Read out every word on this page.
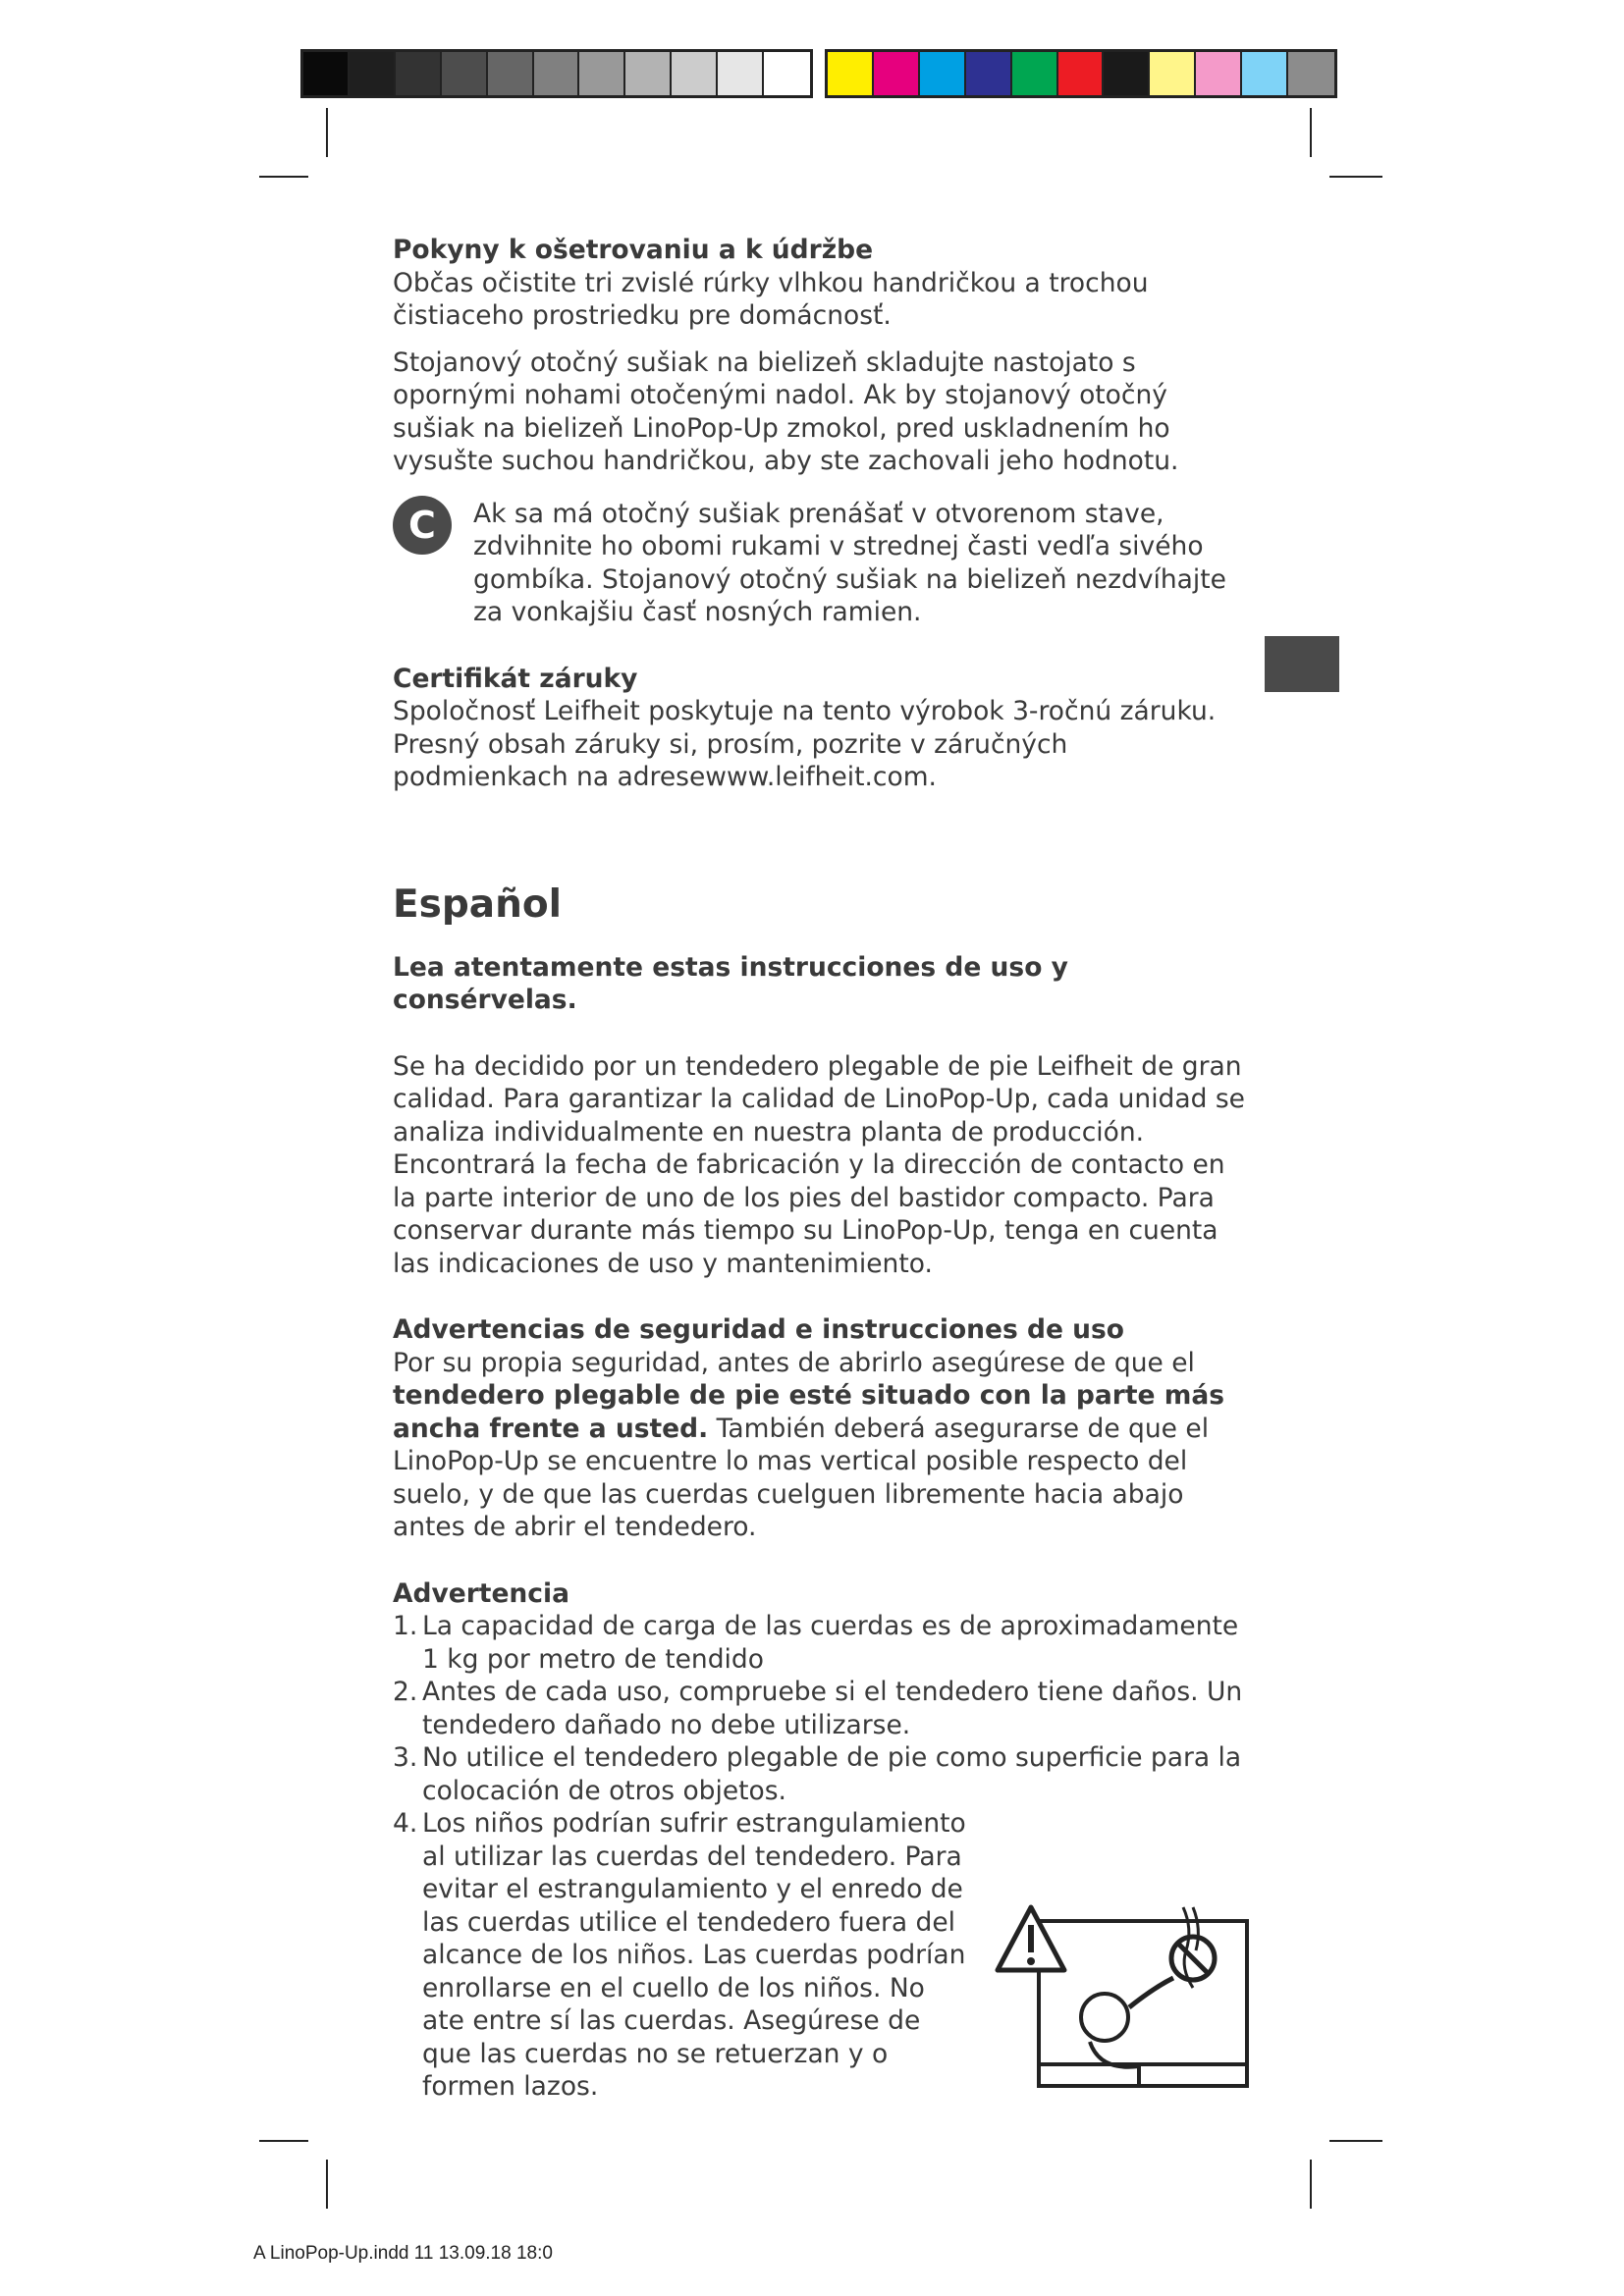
Pokyny k ošetrovaniu a k údržbe

Občas očistite tri zvislé rúrky vlhkou handričkou a trochou čistiaceho prostriedku pre domácnosť.

Stojanový otočný sušiak na bielizeň skladujte nastojato s opornými nohami otočenými nadol. Ak by stojanový otočný sušiak na bielizeň LinoPop-Up zmokol, pred uskladnením ho vysušte suchou handričkou, aby ste zachovali jeho hodnotu.

C	Ak sa má otočný sušiak prenášať v otvorenom stave, zdvihnite ho obomi rukami v strednej časti vedľa sivého gombíka. Stojanový otočný sušiak na bielizeň nezdvíhajte za vonkajšiu časť nosných ramien.

Certifikát záruky

Spoločnosť Leifheit poskytuje na tento výrobok 3-ročnú záruku. Presný obsah záruky si, prosím, pozrite v záručných podmienkach na adresewww.leifheit.com.

Español

Lea atentamente estas instrucciones de uso y consérvelas.

Se ha decidido por un tendedero plegable de pie Leifheit de gran calidad. Para garantizar la calidad de LinoPop-Up, cada unidad se analiza individualmente en nuestra planta de producción. Encontrará la fecha de fabricación y la dirección de contacto en la parte interior de uno de los pies del bastidor compacto. Para conservar durante más tiempo su LinoPop-Up, tenga en cuenta las indicaciones de uso y mantenimiento.

Advertencias de seguridad e instrucciones de uso

Por su propia seguridad, antes de abrirlo asegúrese de que el tendedero plegable de pie esté situado con la parte más ancha frente a usted. También deberá asegurarse de que el LinoPop-Up se encuentre lo mas vertical posible respecto del suelo, y de que las cuerdas cuelguen libremente hacia abajo antes de abrir el tendedero.

Advertencia

1. La capacidad de carga de las cuerdas es de aproximadamente 1 kg por metro de tendido
2. Antes de cada uso, compruebe si el tendedero tiene daños. Un tendedero dañado no debe utilizarse.
3. No utilice el tendedero plegable de pie como superficie para la colocación de otros objetos.
4. Los niños podrían sufrir estrangulamiento al utilizar las cuerdas del tendedero. Para evitar el estrangulamiento y el enredo de las cuerdas utilice el tendedero fuera del alcance de los niños. Las cuerdas podrían enrollarse en el cuello de los niños. No ate entre sí las cuerdas. Asegúrese de que las cuerdas no se retuerzan y o formen lazos.
A LinoPop-Up.indd 11 13.09.18 18:0
